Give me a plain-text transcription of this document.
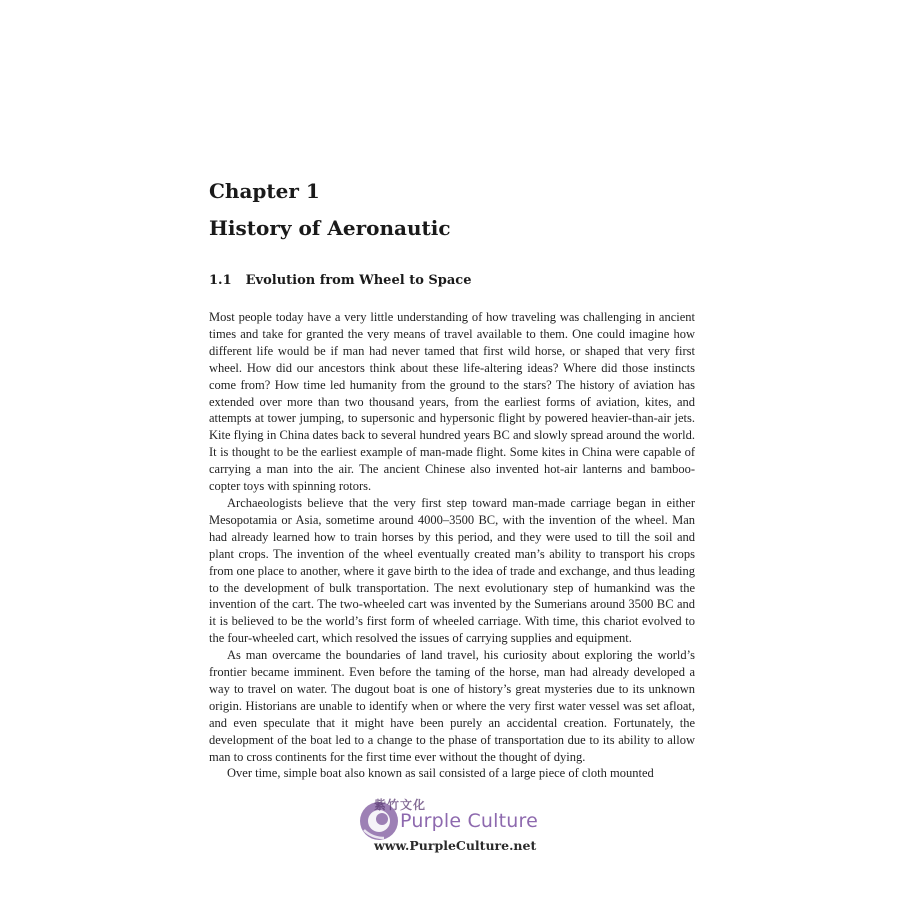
Chapter 1
History of Aeronautic
1.1 Evolution from Wheel to Space

Most people today have a very little understanding of how traveling was challenging in ancient times and take for granted the very means of travel available to them. One could imagine how different life would be if man had never tamed that first wild horse, or shaped that very first wheel. How did our ancestors think about these life-altering ideas? Where did those instincts come from? How time led humanity from the ground to the stars? The history of aviation has extended over more than two thousand years, from the earliest forms of aviation, kites, and attempts at tower jumping, to supersonic and hypersonic flight by powered heavier-than-air jets. Kite flying in China dates back to several hundred years BC and slowly spread around the world. It is thought to be the earliest example of man-made flight. Some kites in China were capable of carrying a man into the air. The ancient Chinese also invented hot-air lanterns and bamboo-copter toys with spinning rotors.

Archaeologists believe that the very first step toward man-made carriage began in either Mesopotamia or Asia, sometime around 4000–3500 BC, with the invention of the wheel. Man had already learned how to train horses by this period, and they were used to till the soil and plant crops. The invention of the wheel eventually created man’s ability to transport his crops from one place to another, where it gave birth to the idea of trade and exchange, and thus leading to the development of bulk transportation. The next evolutionary step of humankind was the invention of the cart. The two-wheeled cart was invented by the Sumerians around 3500 BC and it is believed to be the world’s first form of wheeled carriage. With time, this chariot evolved to the four-wheeled cart, which resolved the issues of carrying supplies and equipment.

As man overcame the boundaries of land travel, his curiosity about exploring the world’s frontier became imminent. Even before the taming of the horse, man had already developed a way to travel on water. The dugout boat is one of history’s great mysteries due to its unknown origin. Historians are unable to identify when or where the very first water vessel was set afloat, and even speculate that it might have been purely an accidental creation. Fortunately, the development of the boat led to a change to the phase of transportation due to its ability to allow man to cross continents for the first time ever without the thought of dying.

Over time, simple boat also known as sail consisted of a large piece of cloth mounted

紫竹文化
Purple Culture
www.PurpleCulture.net
